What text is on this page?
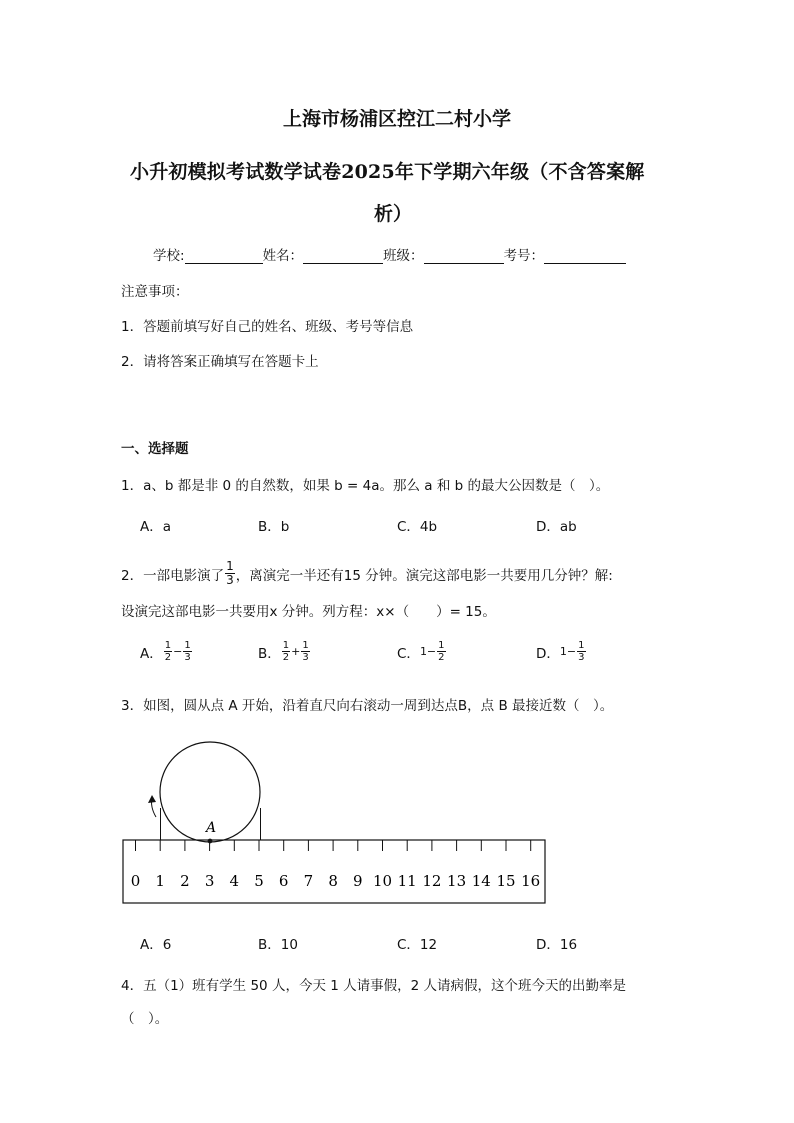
上海市杨浦区控江二村小学
小升初模拟考试数学试卷2025年下学期六年级（不含答案解
析）
学校:	姓名：	班级：	考号：
注意事项：
1．答题前填写好自己的姓名、班级、考号等信息
2．请将答案正确填写在答题卡上
一、选择题
1．a、b 都是非 0 的自然数，如果 b = 4a。那么 a 和 b 的最大公因数是（　）。
A．a	B．b	C．4b	D．ab
2．一部电影演了 $\frac{1}{3}$ ，离演完一半还有15 分钟。演完这部电影一共要用几分钟？解:
设演完这部电影一共要用x 分钟。列方程：x×（　　）= 15。
A． $\frac{1}{2} - \frac{1}{3}$	B． $\frac{1}{2} + \frac{1}{3}$	C． $1- \frac{1}{2}$	D． $1- \frac{1}{3}$
3．如图，圆从点 A 开始，沿着直尺向右滚动一周到达点B，点 B 最接近数（　）。
A
0 1 2 3 4 5 6 7 8 9 10 11 12 13 14 15 16
A．6	B．10	C．12	D．16
4．五（1）班有学生 50 人，今天 1 人请事假，2 人请病假，这个班今天的出勤率是
（　）。
